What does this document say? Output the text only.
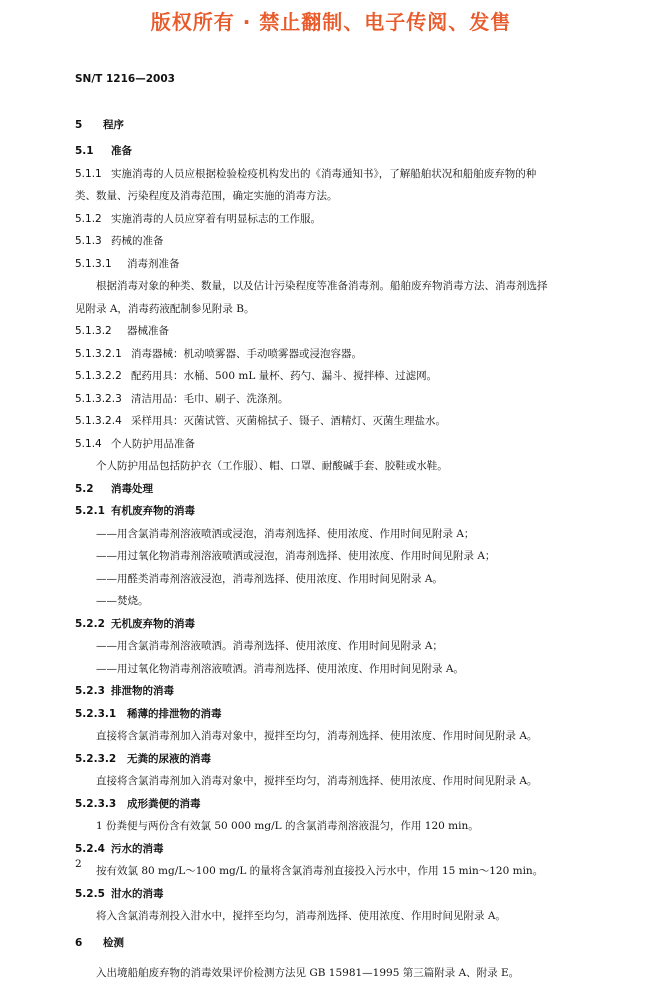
版权所有 · 禁止翻制、电子传阅、发售
SN/T 1216—2003
5 程序
5.1 准备
5.1.1 实施消毒的人员应根据检验检疫机构发出的《消毒通知书》，了解船舶状况和船舶废弃物的种
类、数量、污染程度及消毒范围，确定实施的消毒方法。
5.1.2 实施消毒的人员应穿着有明显标志的工作服。
5.1.3 药械的准备
5.1.3.1 消毒剂准备
根据消毒对象的种类、数量，以及估计污染程度等准备消毒剂。船舶废弃物消毒方法、消毒剂选择
见附录 A，消毒药液配制参见附录 B。
5.1.3.2 器械准备
5.1.3.2.1 消毒器械：机动喷雾器、手动喷雾器或浸泡容器。
5.1.3.2.2 配药用具：水桶、500 mL 量杯、药勺、漏斗、搅拌棒、过滤网。
5.1.3.2.3 清洁用品：毛巾、刷子、洗涤剂。
5.1.3.2.4 采样用具：灭菌试管、灭菌棉拭子、镊子、酒精灯、灭菌生理盐水。
5.1.4 个人防护用品准备
个人防护用品包括防护衣（工作服）、帽、口罩、耐酸碱手套、胶鞋或水鞋。
5.2 消毒处理
5.2.1 有机废弃物的消毒
——用含氯消毒剂溶液喷洒或浸泡，消毒剂选择、使用浓度、作用时间见附录 A；
——用过氧化物消毒剂溶液喷洒或浸泡，消毒剂选择、使用浓度、作用时间见附录 A；
——用醛类消毒剂溶液浸泡，消毒剂选择、使用浓度、作用时间见附录 A。
——焚烧。
5.2.2 无机废弃物的消毒
——用含氯消毒剂溶液喷洒。消毒剂选择、使用浓度、作用时间见附录 A；
——用过氧化物消毒剂溶液喷洒。消毒剂选择、使用浓度、作用时间见附录 A。
5.2.3 排泄物的消毒
5.2.3.1 稀薄的排泄物的消毒
直接将含氯消毒剂加入消毒对象中，搅拌至均匀，消毒剂选择、使用浓度、作用时间见附录 A。
5.2.3.2 无粪的尿液的消毒
直接将含氯消毒剂加入消毒对象中，搅拌至均匀，消毒剂选择、使用浓度、作用时间见附录 A。
5.2.3.3 成形粪便的消毒
1 份粪便与两份含有效氯 50 000 mg/L 的含氯消毒剂溶液混匀，作用 120 min。
5.2.4 污水的消毒
按有效氯 80 mg/L～100 mg/L 的量将含氯消毒剂直接投入污水中，作用 15 min～120 min。
5.2.5 泔水的消毒
将入含氯消毒剂投入泔水中，搅拌至均匀，消毒剂选择、使用浓度、作用时间见附录 A。
6 检测
入出境船舶废弃物的消毒效果评价检测方法见 GB 15981—1995 第三篇附录 A、附录 E。
2
